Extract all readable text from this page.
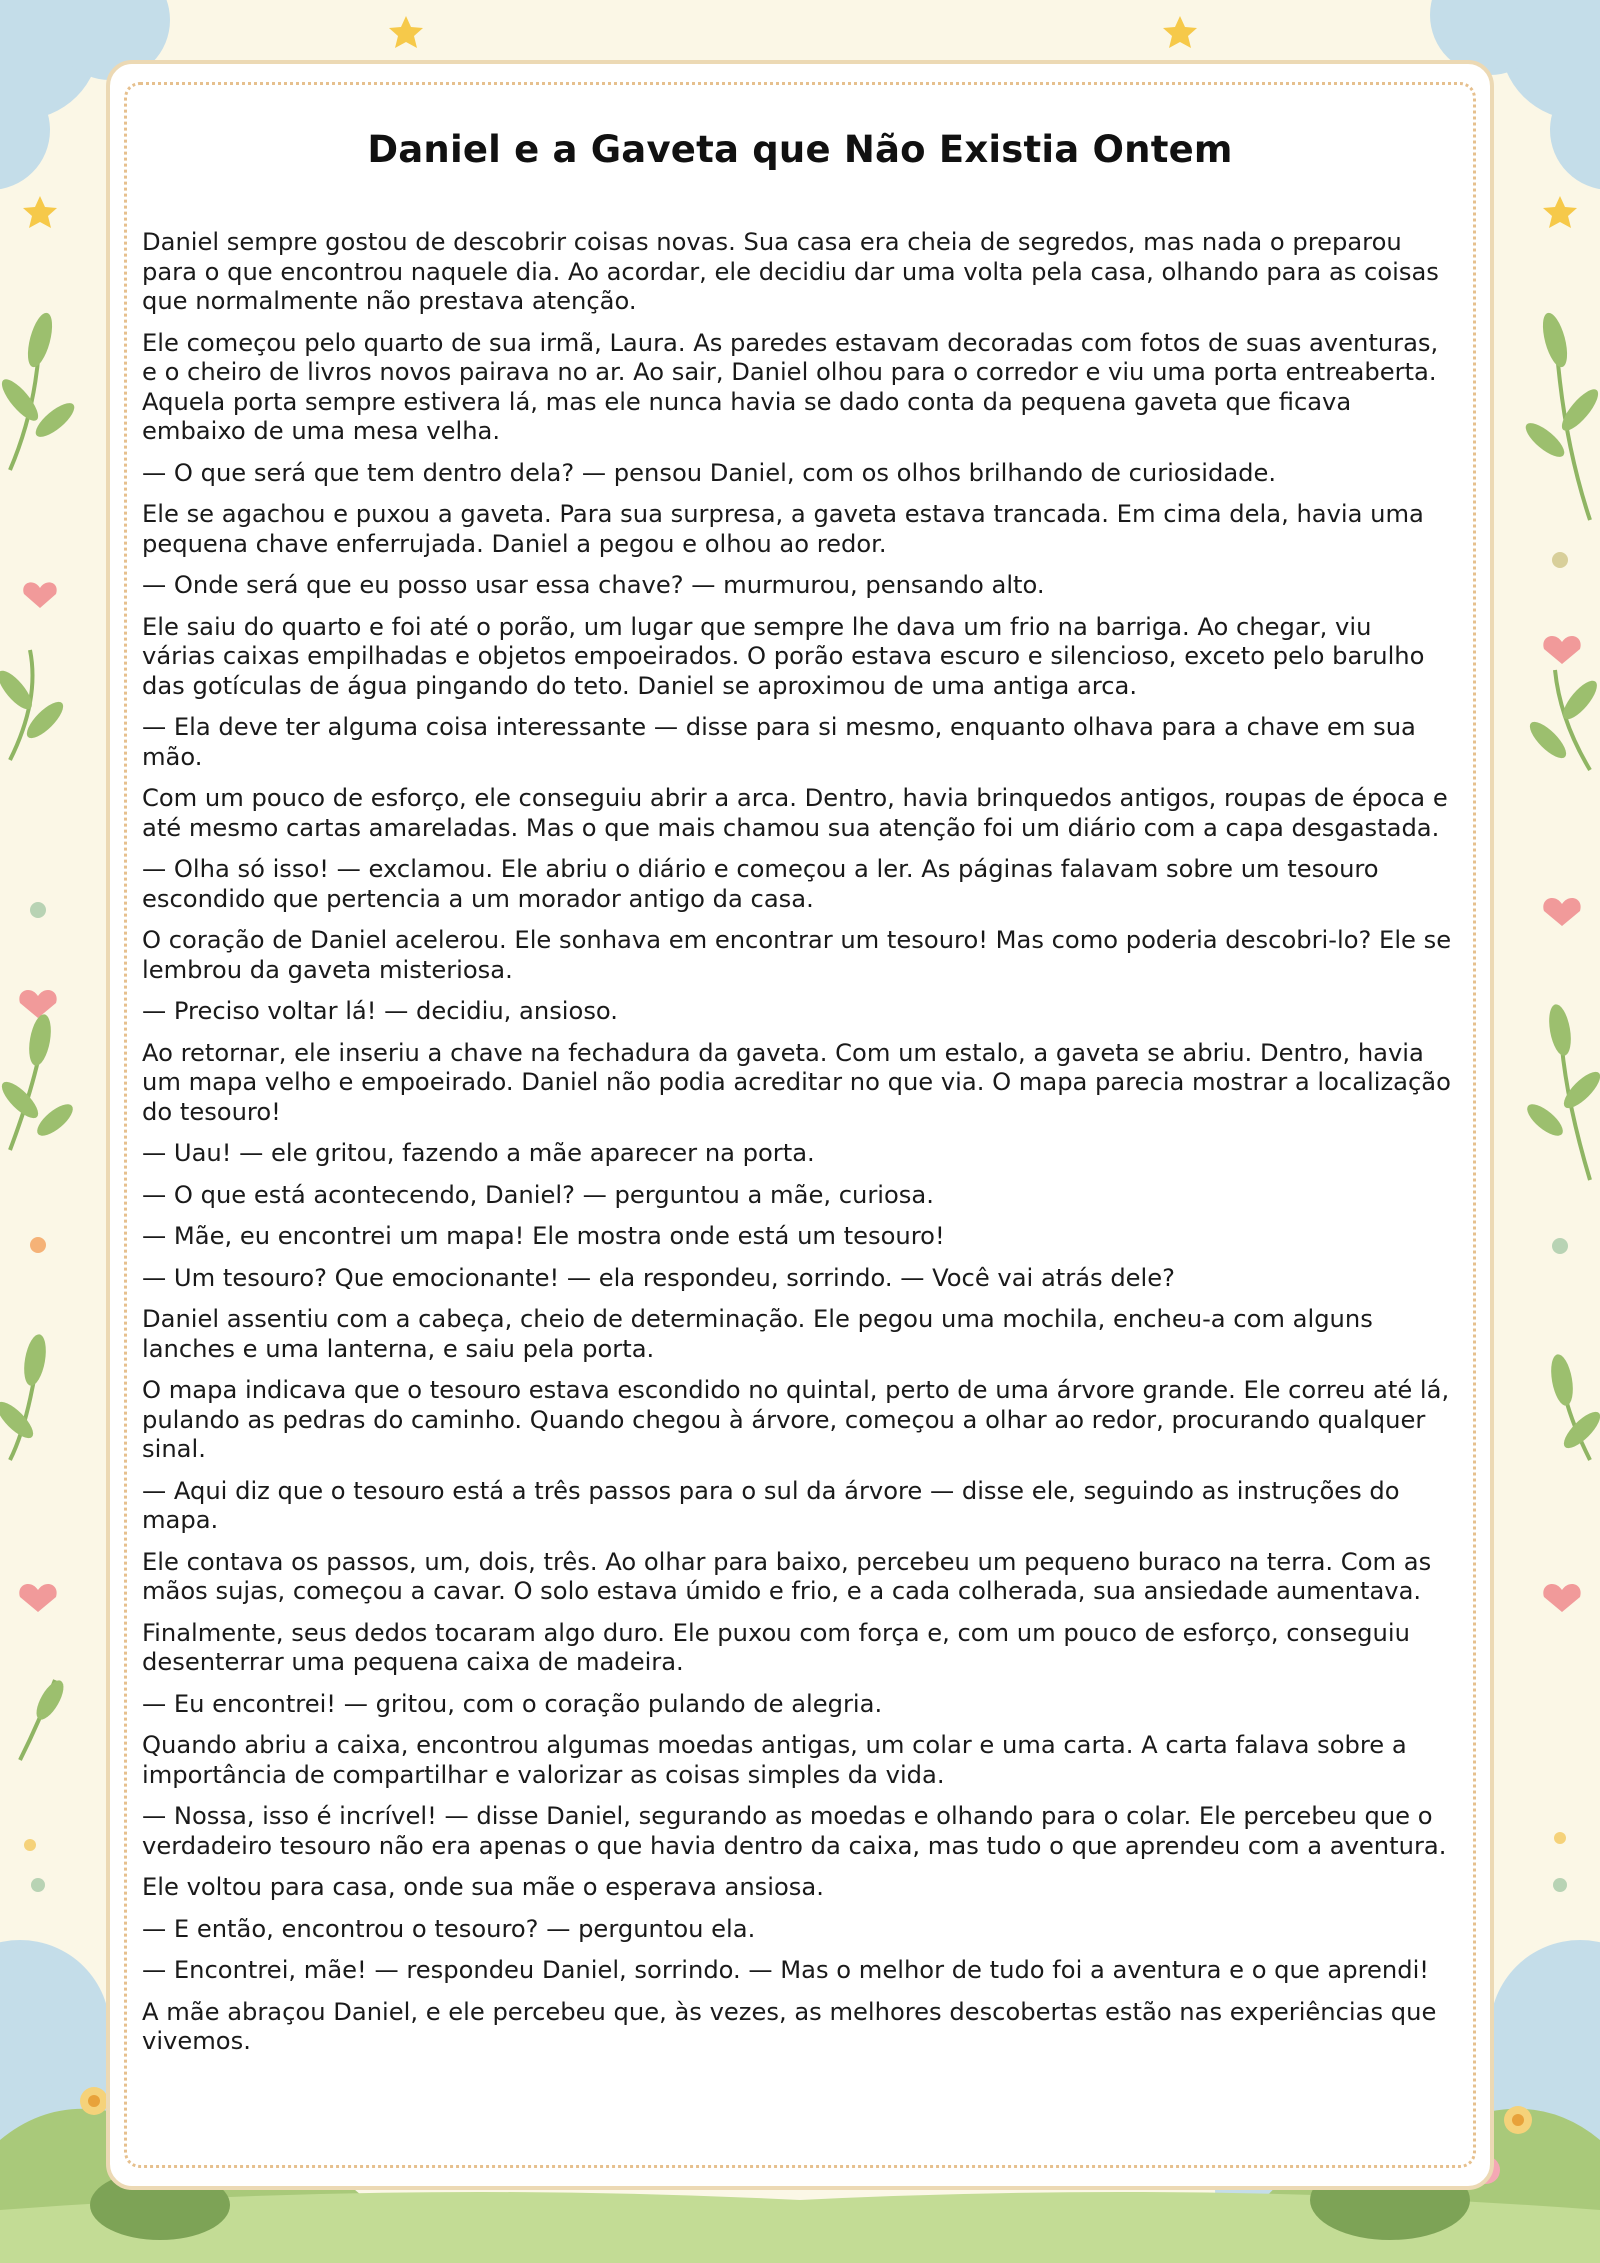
Daniel e a Gaveta que Não Existia Ontem

Daniel sempre gostou de descobrir coisas novas. Sua casa era cheia de segredos, mas nada o preparou para o que encontrou naquele dia. Ao acordar, ele decidiu dar uma volta pela casa, olhando para as coisas que normalmente não prestava atenção.

Ele começou pelo quarto de sua irmã, Laura. As paredes estavam decoradas com fotos de suas aventuras, e o cheiro de livros novos pairava no ar. Ao sair, Daniel olhou para o corredor e viu uma porta entreaberta. Aquela porta sempre estivera lá, mas ele nunca havia se dado conta da pequena gaveta que ficava embaixo de uma mesa velha.

— O que será que tem dentro dela? — pensou Daniel, com os olhos brilhando de curiosidade.

Ele se agachou e puxou a gaveta. Para sua surpresa, a gaveta estava trancada. Em cima dela, havia uma pequena chave enferrujada. Daniel a pegou e olhou ao redor.

— Onde será que eu posso usar essa chave? — murmurou, pensando alto.

Ele saiu do quarto e foi até o porão, um lugar que sempre lhe dava um frio na barriga. Ao chegar, viu várias caixas empilhadas e objetos empoeirados. O porão estava escuro e silencioso, exceto pelo barulho das gotículas de água pingando do teto. Daniel se aproximou de uma antiga arca.

— Ela deve ter alguma coisa interessante — disse para si mesmo, enquanto olhava para a chave em sua mão.

Com um pouco de esforço, ele conseguiu abrir a arca. Dentro, havia brinquedos antigos, roupas de época e até mesmo cartas amareladas. Mas o que mais chamou sua atenção foi um diário com a capa desgastada.

— Olha só isso! — exclamou. Ele abriu o diário e começou a ler. As páginas falavam sobre um tesouro escondido que pertencia a um morador antigo da casa.

O coração de Daniel acelerou. Ele sonhava em encontrar um tesouro! Mas como poderia descobri-lo? Ele se lembrou da gaveta misteriosa.

— Preciso voltar lá! — decidiu, ansioso.

Ao retornar, ele inseriu a chave na fechadura da gaveta. Com um estalo, a gaveta se abriu. Dentro, havia um mapa velho e empoeirado. Daniel não podia acreditar no que via. O mapa parecia mostrar a localização do tesouro!

— Uau! — ele gritou, fazendo a mãe aparecer na porta.

— O que está acontecendo, Daniel? — perguntou a mãe, curiosa.

— Mãe, eu encontrei um mapa! Ele mostra onde está um tesouro!

— Um tesouro? Que emocionante! — ela respondeu, sorrindo. — Você vai atrás dele?

Daniel assentiu com a cabeça, cheio de determinação. Ele pegou uma mochila, encheu-a com alguns lanches e uma lanterna, e saiu pela porta.

O mapa indicava que o tesouro estava escondido no quintal, perto de uma árvore grande. Ele correu até lá, pulando as pedras do caminho. Quando chegou à árvore, começou a olhar ao redor, procurando qualquer sinal.

— Aqui diz que o tesouro está a três passos para o sul da árvore — disse ele, seguindo as instruções do mapa.

Ele contava os passos, um, dois, três. Ao olhar para baixo, percebeu um pequeno buraco na terra. Com as mãos sujas, começou a cavar. O solo estava úmido e frio, e a cada colherada, sua ansiedade aumentava.

Finalmente, seus dedos tocaram algo duro. Ele puxou com força e, com um pouco de esforço, conseguiu desenterrar uma pequena caixa de madeira.

— Eu encontrei! — gritou, com o coração pulando de alegria.

Quando abriu a caixa, encontrou algumas moedas antigas, um colar e uma carta. A carta falava sobre a importância de compartilhar e valorizar as coisas simples da vida.

— Nossa, isso é incrível! — disse Daniel, segurando as moedas e olhando para o colar. Ele percebeu que o verdadeiro tesouro não era apenas o que havia dentro da caixa, mas tudo o que aprendeu com a aventura.

Ele voltou para casa, onde sua mãe o esperava ansiosa.

— E então, encontrou o tesouro? — perguntou ela.

— Encontrei, mãe! — respondeu Daniel, sorrindo. — Mas o melhor de tudo foi a aventura e o que aprendi!

A mãe abraçou Daniel, e ele percebeu que, às vezes, as melhores descobertas estão nas experiências que vivemos.
